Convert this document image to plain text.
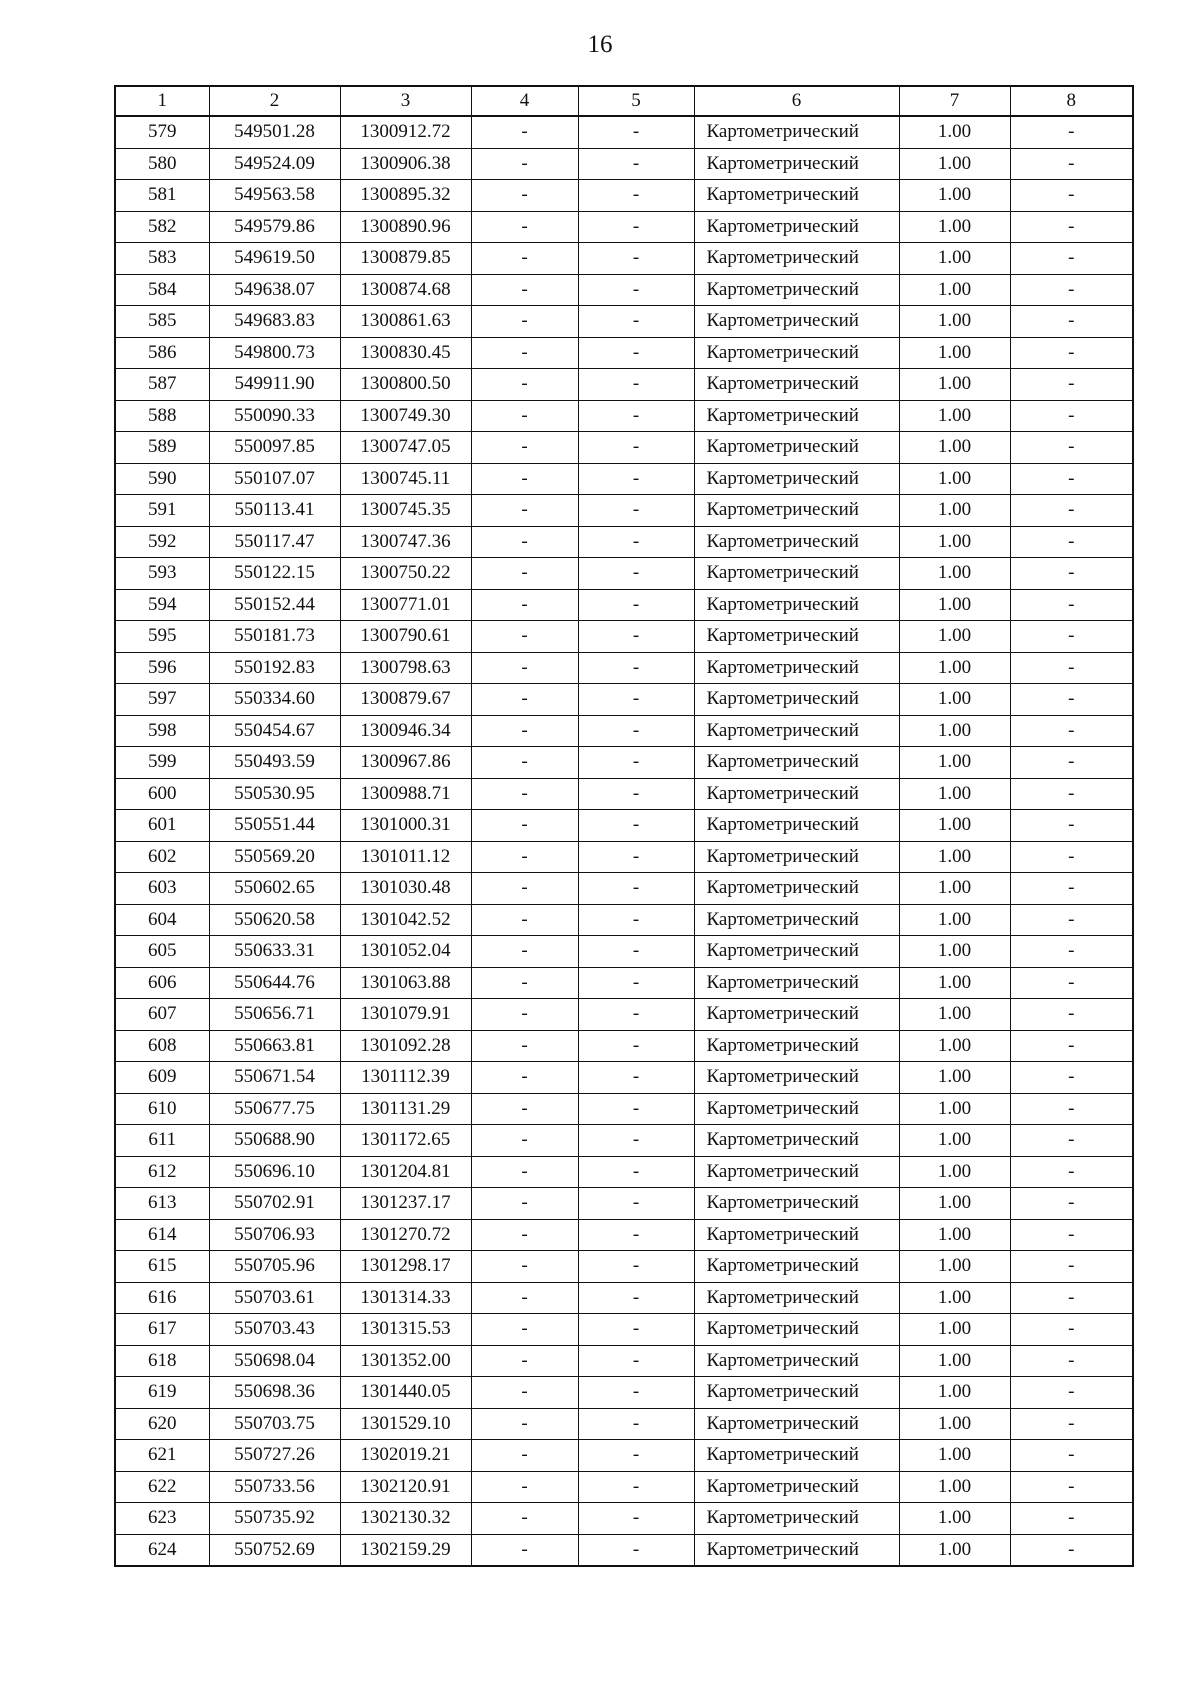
16
1	2	3	4	5	6	7	8
579	549501.28	1300912.72	-	-	Картометрический	1.00	-
580	549524.09	1300906.38	-	-	Картометрический	1.00	-
581	549563.58	1300895.32	-	-	Картометрический	1.00	-
582	549579.86	1300890.96	-	-	Картометрический	1.00	-
583	549619.50	1300879.85	-	-	Картометрический	1.00	-
584	549638.07	1300874.68	-	-	Картометрический	1.00	-
585	549683.83	1300861.63	-	-	Картометрический	1.00	-
586	549800.73	1300830.45	-	-	Картометрический	1.00	-
587	549911.90	1300800.50	-	-	Картометрический	1.00	-
588	550090.33	1300749.30	-	-	Картометрический	1.00	-
589	550097.85	1300747.05	-	-	Картометрический	1.00	-
590	550107.07	1300745.11	-	-	Картометрический	1.00	-
591	550113.41	1300745.35	-	-	Картометрический	1.00	-
592	550117.47	1300747.36	-	-	Картометрический	1.00	-
593	550122.15	1300750.22	-	-	Картометрический	1.00	-
594	550152.44	1300771.01	-	-	Картометрический	1.00	-
595	550181.73	1300790.61	-	-	Картометрический	1.00	-
596	550192.83	1300798.63	-	-	Картометрический	1.00	-
597	550334.60	1300879.67	-	-	Картометрический	1.00	-
598	550454.67	1300946.34	-	-	Картометрический	1.00	-
599	550493.59	1300967.86	-	-	Картометрический	1.00	-
600	550530.95	1300988.71	-	-	Картометрический	1.00	-
601	550551.44	1301000.31	-	-	Картометрический	1.00	-
602	550569.20	1301011.12	-	-	Картометрический	1.00	-
603	550602.65	1301030.48	-	-	Картометрический	1.00	-
604	550620.58	1301042.52	-	-	Картометрический	1.00	-
605	550633.31	1301052.04	-	-	Картометрический	1.00	-
606	550644.76	1301063.88	-	-	Картометрический	1.00	-
607	550656.71	1301079.91	-	-	Картометрический	1.00	-
608	550663.81	1301092.28	-	-	Картометрический	1.00	-
609	550671.54	1301112.39	-	-	Картометрический	1.00	-
610	550677.75	1301131.29	-	-	Картометрический	1.00	-
611	550688.90	1301172.65	-	-	Картометрический	1.00	-
612	550696.10	1301204.81	-	-	Картометрический	1.00	-
613	550702.91	1301237.17	-	-	Картометрический	1.00	-
614	550706.93	1301270.72	-	-	Картометрический	1.00	-
615	550705.96	1301298.17	-	-	Картометрический	1.00	-
616	550703.61	1301314.33	-	-	Картометрический	1.00	-
617	550703.43	1301315.53	-	-	Картометрический	1.00	-
618	550698.04	1301352.00	-	-	Картометрический	1.00	-
619	550698.36	1301440.05	-	-	Картометрический	1.00	-
620	550703.75	1301529.10	-	-	Картометрический	1.00	-
621	550727.26	1302019.21	-	-	Картометрический	1.00	-
622	550733.56	1302120.91	-	-	Картометрический	1.00	-
623	550735.92	1302130.32	-	-	Картометрический	1.00	-
624	550752.69	1302159.29	-	-	Картометрический	1.00	-
